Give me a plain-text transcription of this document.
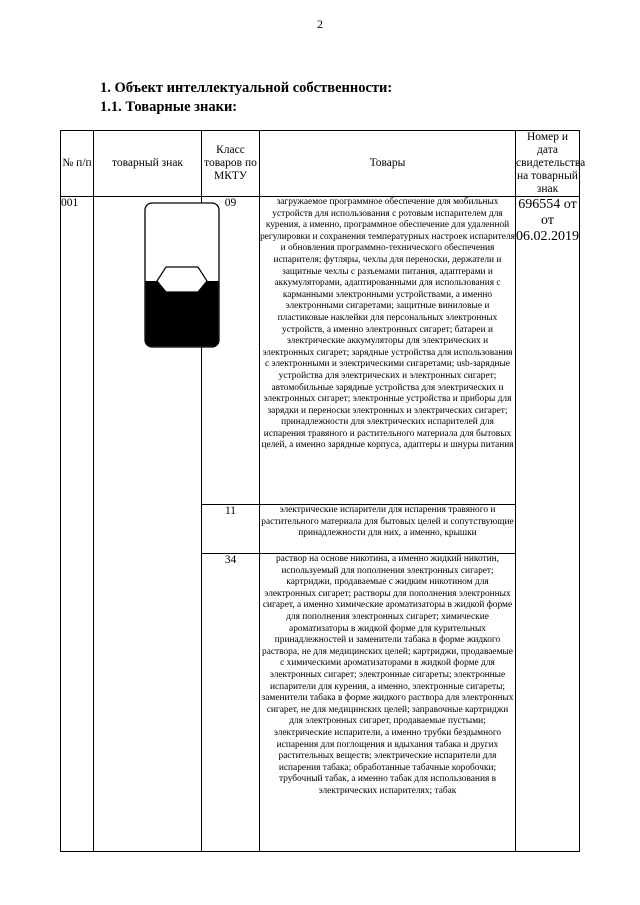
2
1. Объект интеллектуальной собственности:
1.1. Товарные знаки:
№ п/п	товарный знак	Класс товаров по МКТУ	Товары	Номер и дата свидетельства на товарный знак
001		09	загружаемое программное обеспечение для мобильных устройств для использования с ротовым испарителем для курения, а именно, программное обеспечение для удаленной регулировки и сохранения температурных настроек испарителя и обновления программно-технического обеспечения испарителя; футляры, чехлы для переноски, держатели и защитные чехлы с разъемами питания, адаптерами и аккумуляторами, адаптированными для использования с карманными электронными устройствами, а именно электронными сигаретами; защитные виниловые и пластиковые наклейки для персональных электронных устройств, а именно электронных сигарет; батареи и электрические аккумуляторы для электрических и электронных сигарет; зарядные устройства для использования с электронными и электрическими сигаретами; usb-зарядные устройства для электрических и электронных сигарет; автомобильные зарядные устройства для электрических и электронных сигарет; электронные устройства и приборы для зарядки и переноски электронных и электрических сигарет; принадлежности для электрических испарителей для испарения травяного и растительного материала для бытовых целей, а именно зарядные корпуса, адаптеры и шнуры питания	696554 от
от 06.02.2019

		11	электрические испарители для испарения травяного и растительного материала для бытовых целей и сопутствующие принадлежности для них, а именно, крышки	
		34	раствор на основе никотина, а именно жидкий никотин, используемый для пополнения электронных сигарет; картриджи, продаваемые с жидким никотином для электронных сигарет; растворы для пополнения электронных сигарет, а именно химические ароматизаторы в жидкой форме для пополнения электронных сигарет; химические ароматизаторы в жидкой форме для курительных принадлежностей и заменители табака в форме жидкого раствора, не для медицинских целей; картриджи, продаваемые с химическими ароматизаторами в жидкой форме для электронных сигарет; электронные сигареты; электронные испарители для курения, а именно, электронные сигареты; заменители табака в форме жидкого раствора для электронных сигарет, не для медицинских целей; заправочные картриджи для электронных сигарет, продаваемые пустыми; электрические испарители, а именно трубки бездымного испарения для поглощения и вдыхания табака и других растительных веществ; электрические испарители для испарения табака; обработанные табачные коробочки; трубочный табак, а именно табак для использования в электрических испарителях; табак	
